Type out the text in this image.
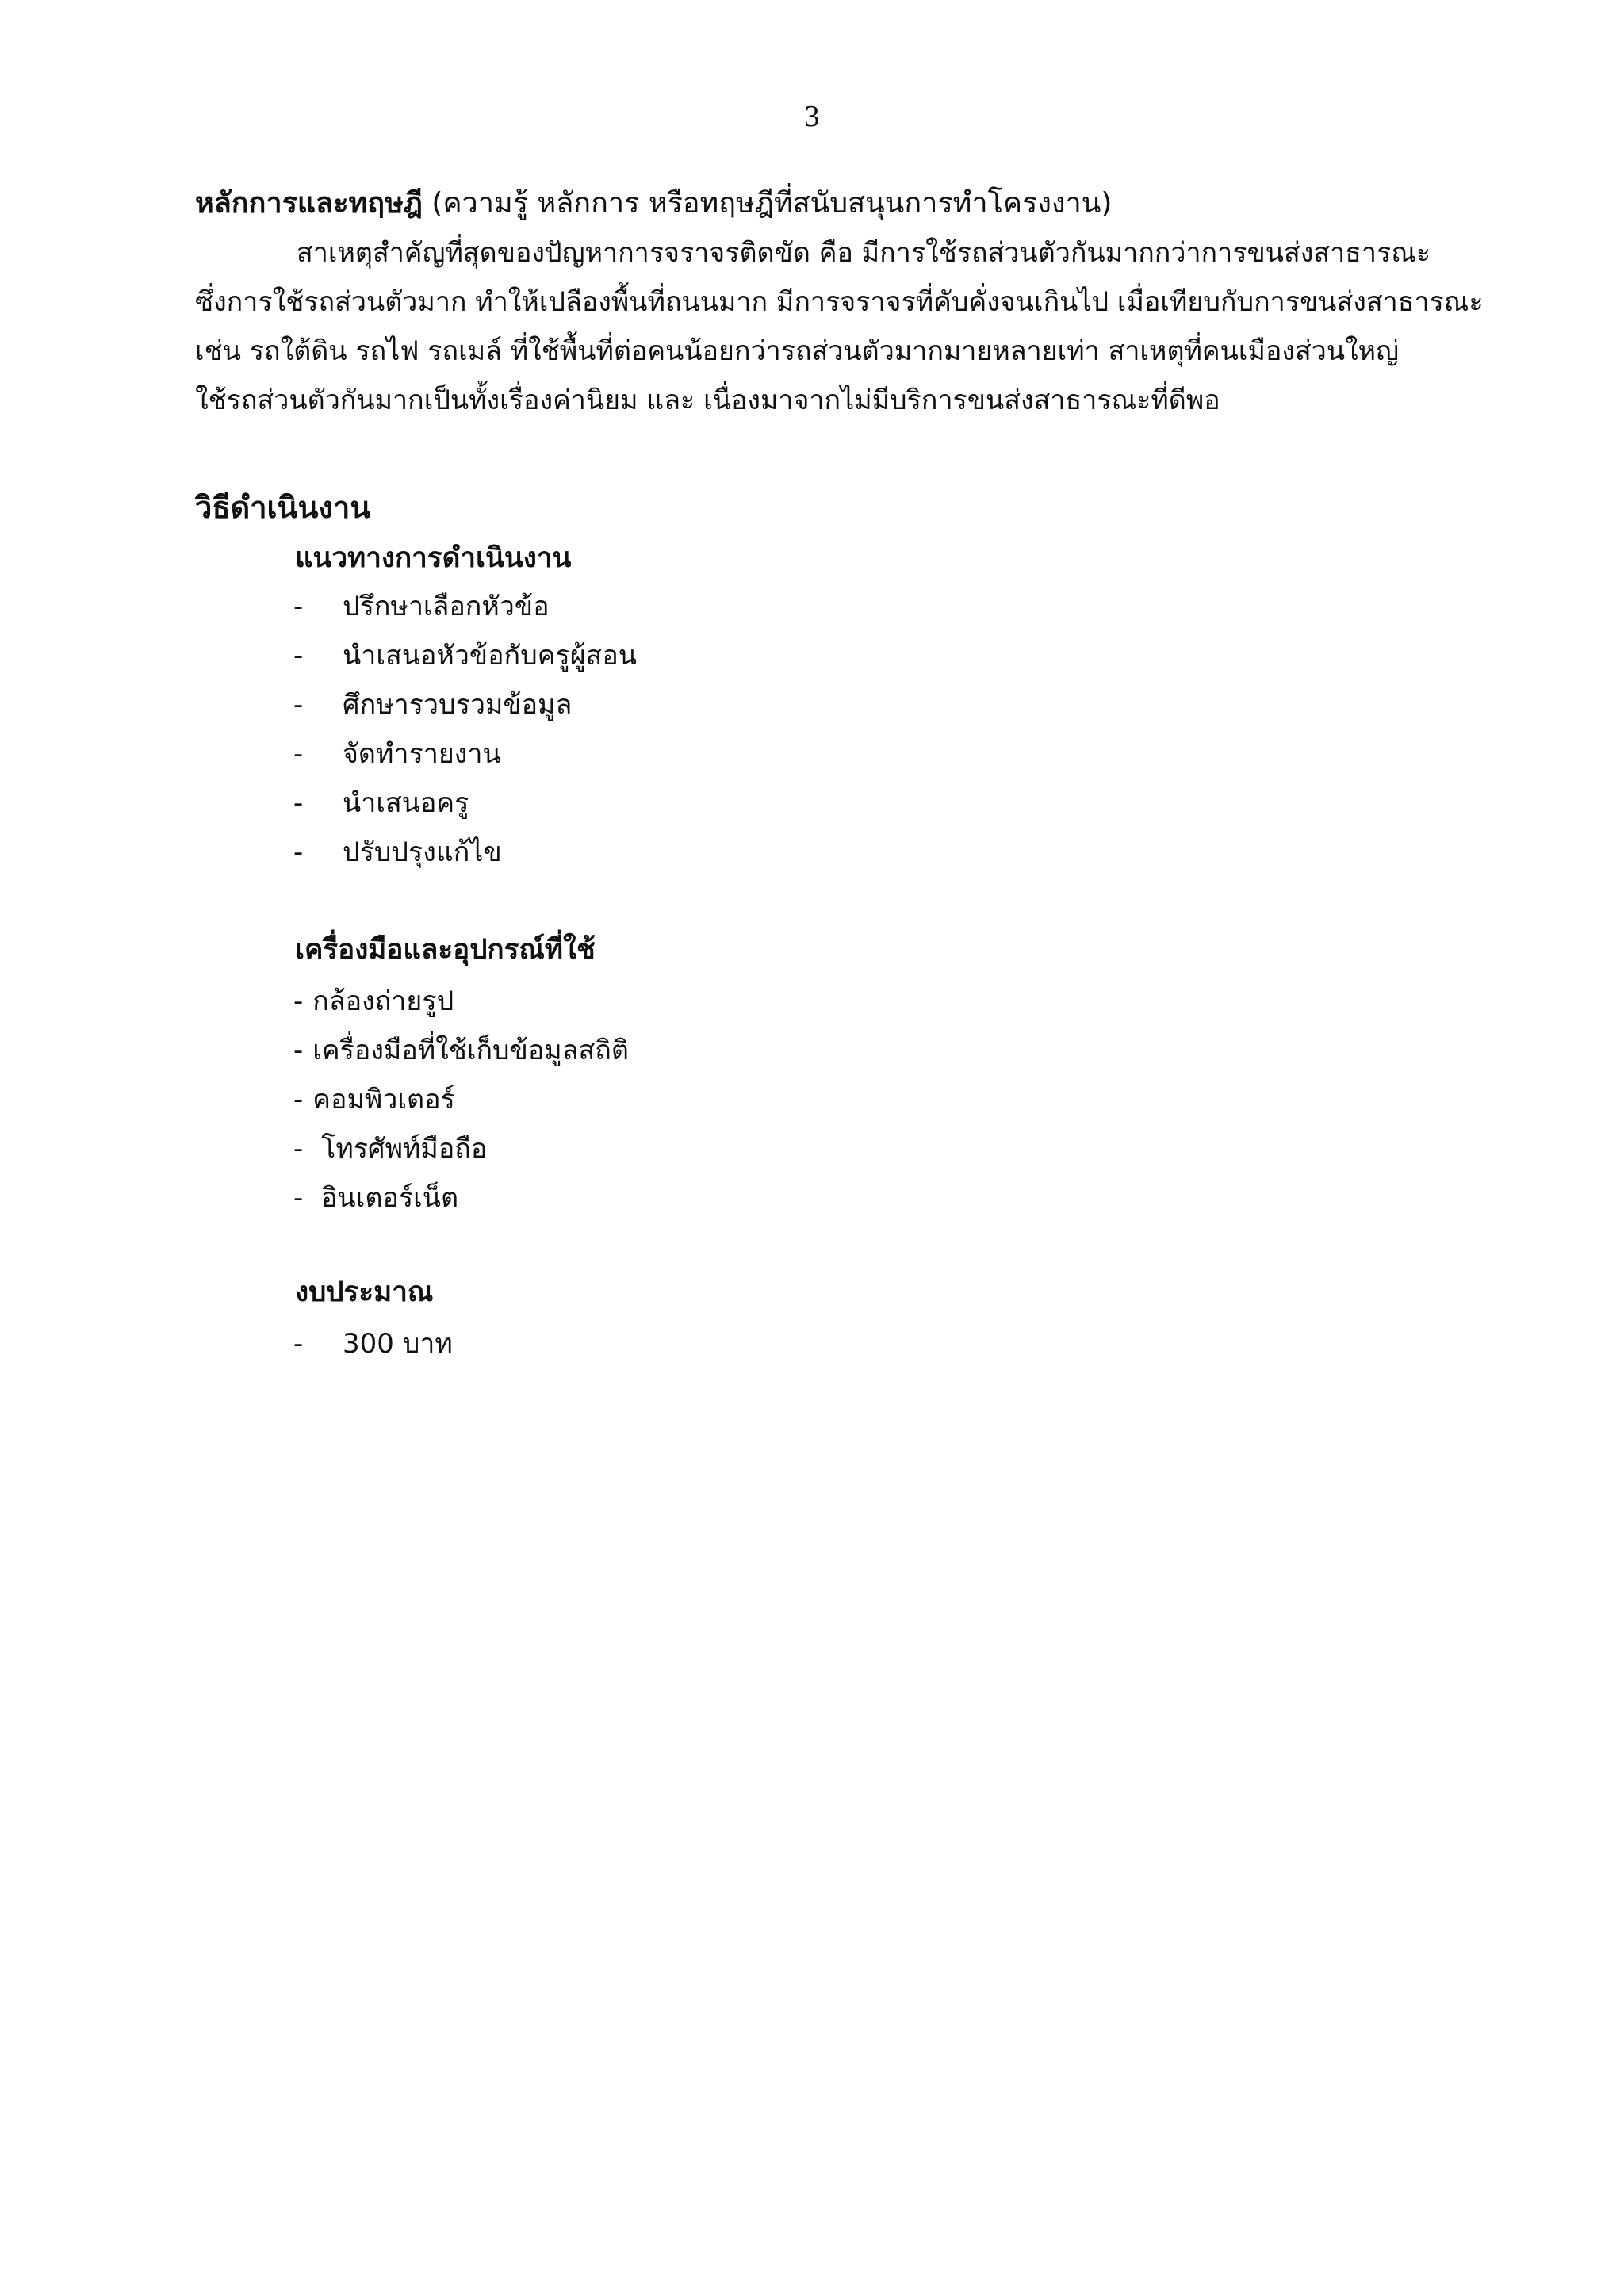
3
หลักการและทฤษฎี (ความรู้ หลักการ หรือทฤษฎีที่สนับสนุนการทำโครงงาน)
สาเหตุสำคัญที่สุดของปัญหาการจราจรติดขัด คือ มีการใช้รถส่วนตัวกันมากกว่าการขนส่งสาธารณะ
ซึ่งการใช้รถส่วนตัวมาก ทำให้เปลืองพื้นที่ถนนมาก มีการจราจรที่คับคั่งจนเกินไป เมื่อเทียบกับการขนส่งสาธารณะ
เช่น รถใต้ดิน รถไฟ รถเมล์ ที่ใช้พื้นที่ต่อคนน้อยกว่ารถส่วนตัวมากมายหลายเท่า สาเหตุที่คนเมืองส่วนใหญ่
ใช้รถส่วนตัวกันมากเป็นทั้งเรื่องค่านิยม และ เนื่องมาจากไม่มีบริการขนส่งสาธารณะที่ดีพอ
วิธีดำเนินงาน
แนวทางการดำเนินงาน
-	ปรึกษาเลือกหัวข้อ
-	นำเสนอหัวข้อกับครูผู้สอน
-	ศึกษารวบรวมข้อมูล
-	จัดทำรายงาน
-	นำเสนอครู
-	ปรับปรุงแก้ไข
เครื่องมือและอุปกรณ์ที่ใช้
- กล้องถ่ายรูป
- เครื่องมือที่ใช้เก็บข้อมูลสถิติ
- คอมพิวเตอร์
- โทรศัพท์มือถือ
- อินเตอร์เน็ต
งบประมาณ
-	300 บาท
